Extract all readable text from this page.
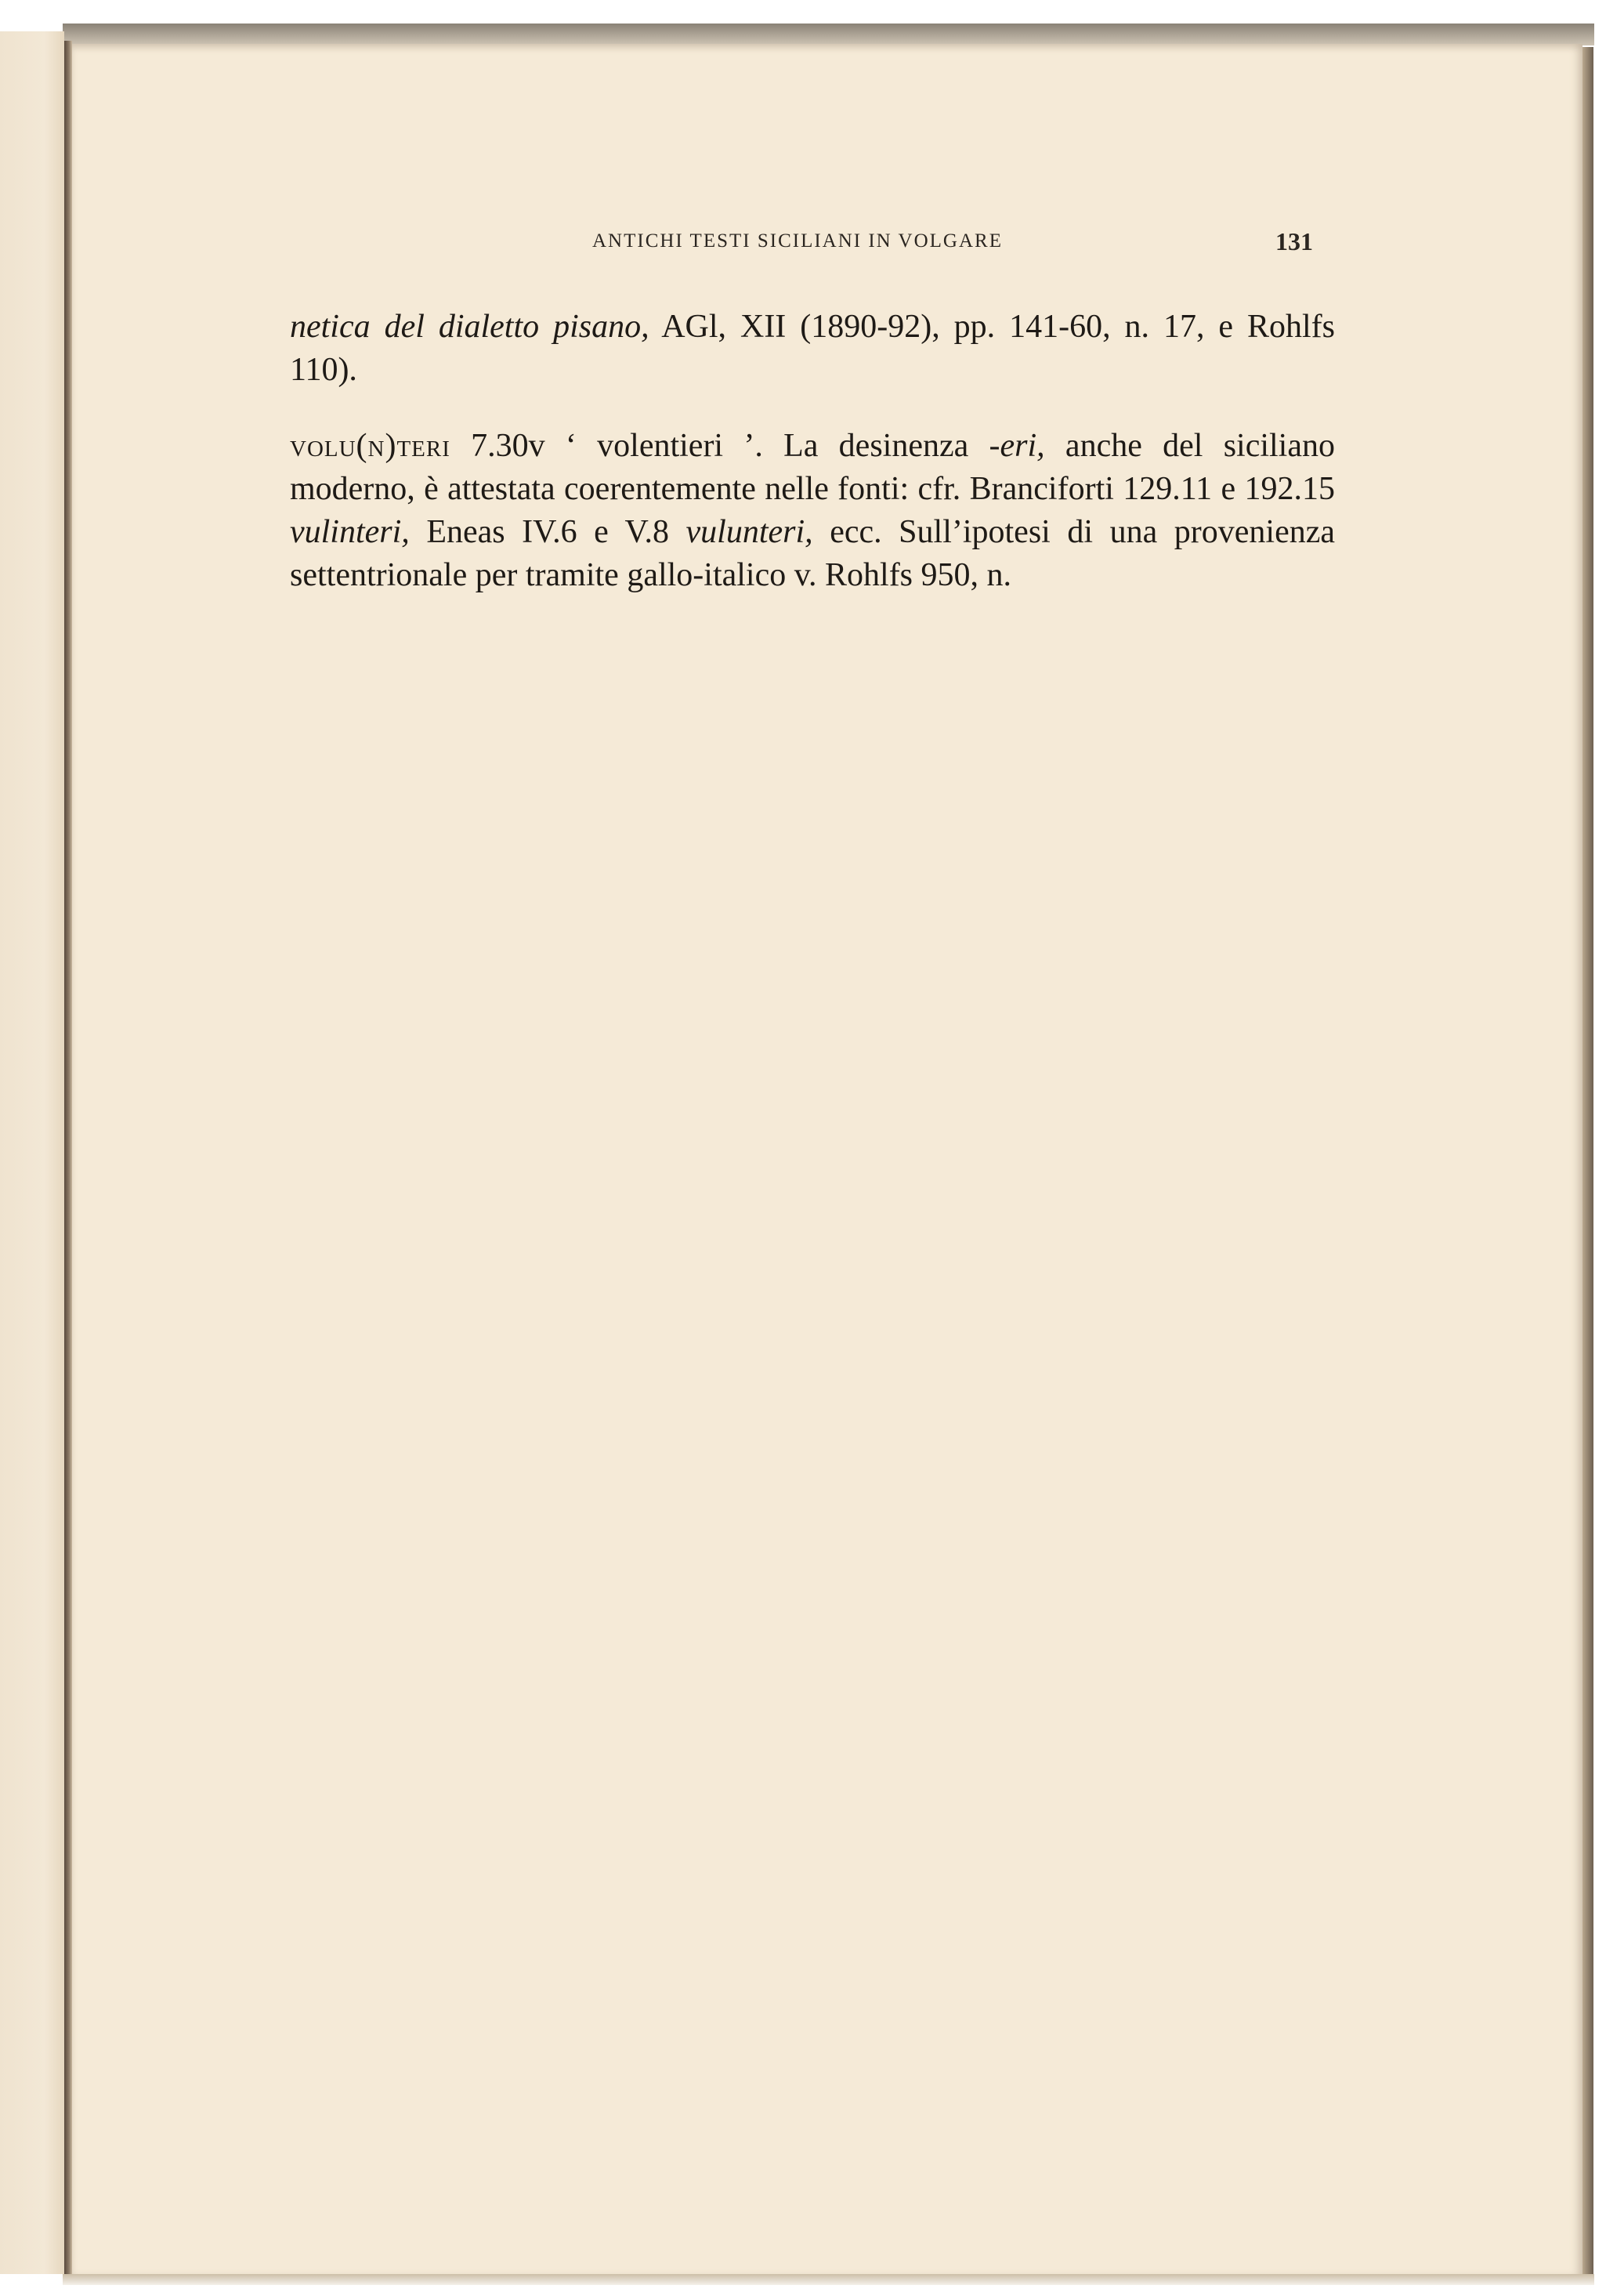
ANTICHI TESTI SICILIANI IN VOLGARE	131

netica del dialetto pisano, AGl, XII (1890-92), pp. 141-60, n. 17, e Rohlfs 110).

volu(n)teri 7.30v ‘ volentieri ’. La desinenza -eri, anche del siciliano moderno, è attestata coerentemente nelle fonti: cfr. Branciforti 129.11 e 192.15 vulinteri, Eneas IV.6 e V.8 vulunteri, ecc. Sull’ipotesi di una provenienza settentrionale per tramite gallo-italico v. Rohlfs 950, n.
